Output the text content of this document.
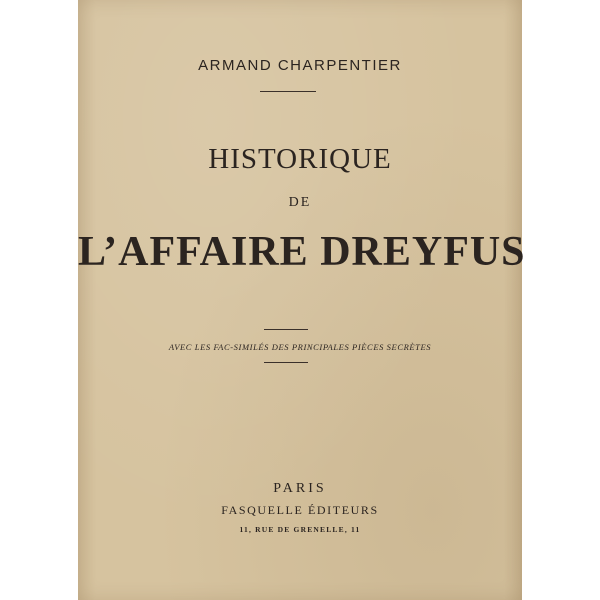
ARMAND CHARPENTIER
HISTORIQUE
DE
L’AFFAIRE DREYFUS
AVEC LES FAC-SIMILÉS DES PRINCIPALES PIÈCES SECRÈTES
PARIS
FASQUELLE ÉDITEURS
11, RUE DE GRENELLE, 11
